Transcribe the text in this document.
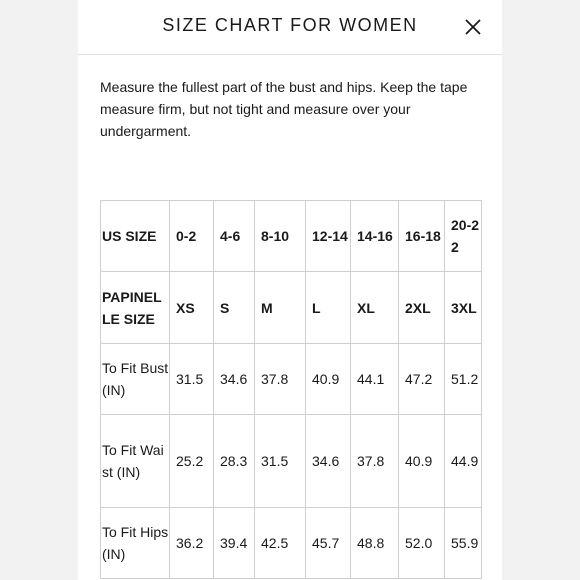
SIZE CHART FOR WOMEN
Measure the fullest part of the bust and hips. Keep the tape measure firm, but not tight and measure over your undergarment.
US SIZE	0-2	4-6	8-10	12-14	14-16	16-18	20-22
PAPINELLE SIZE	XS	S	M	L	XL	2XL	3XL
To Fit Bust (IN)	31.5	34.6	37.8	40.9	44.1	47.2	51.2
To Fit Waist (IN)	25.2	28.3	31.5	34.6	37.8	40.9	44.9
To Fit Hips (IN)	36.2	39.4	42.5	45.7	48.8	52.0	55.9
